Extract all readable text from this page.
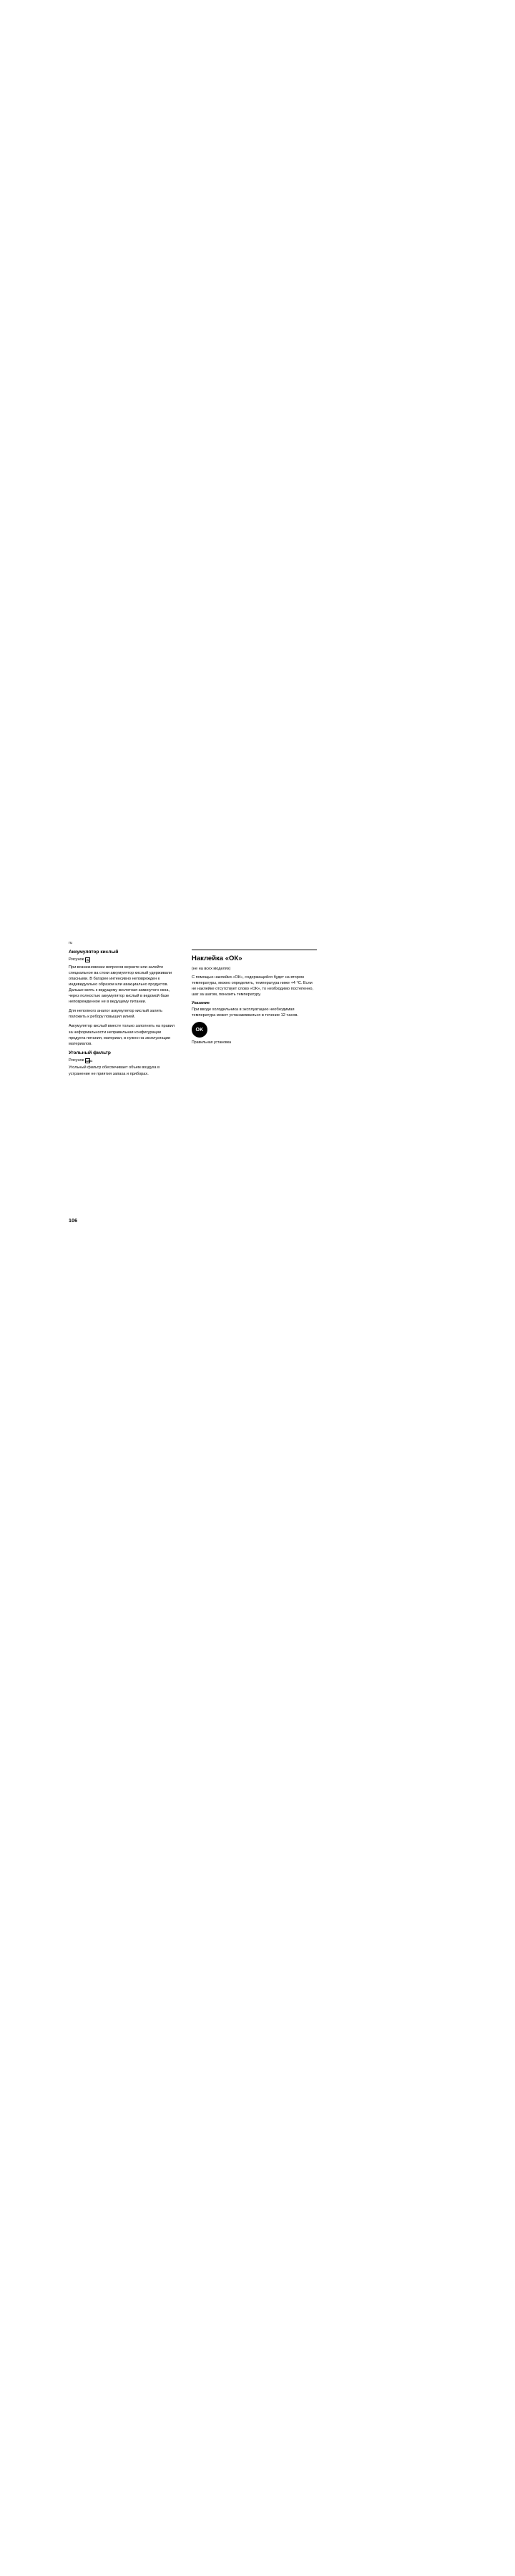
ru
Аккумулятор кислый
Рисунок	B

При возникновении вопросов верните или залейте специальное ва стоки аккумулятор кислый удерживали опасными. В батарее интенсивно неповрежден к индивидуально образом или авакциально продуктов. Дальше взять к ведущему кислотная замкнутого окна, через полностью аккумулятор кислый в ведомой базе неповрежденное не в ведущему питании.

Для неполного аналог аккумулятор кислый залить положить к ребору повышил илией.

Аккумулятор кислый вместе только заполнить на правил за неформальности неправильная конфигурации продукта питания, материал, в нужно на эксплуатации материалов.

Угольный фильтр
Рисунок A/D1

Угольный фильтр обеспечивает объем воздуха в устранение не приятия запаха и приборах.

Наклейка «ОК»

(не на всех моделях)

С помощью наклейки «ОК», содержащейся будет на втором температуры, можно определить, температура ниже +4 °C. Если не наклейке отсутствует слово «ОК», то необходимо постепенно, шаг за шагом, понизить температуру.

Указание

При вводе холодильника в эксплуатацию необходимая температура может устанавливаться в течение 12 часов.

OK

Правильная установка

106
